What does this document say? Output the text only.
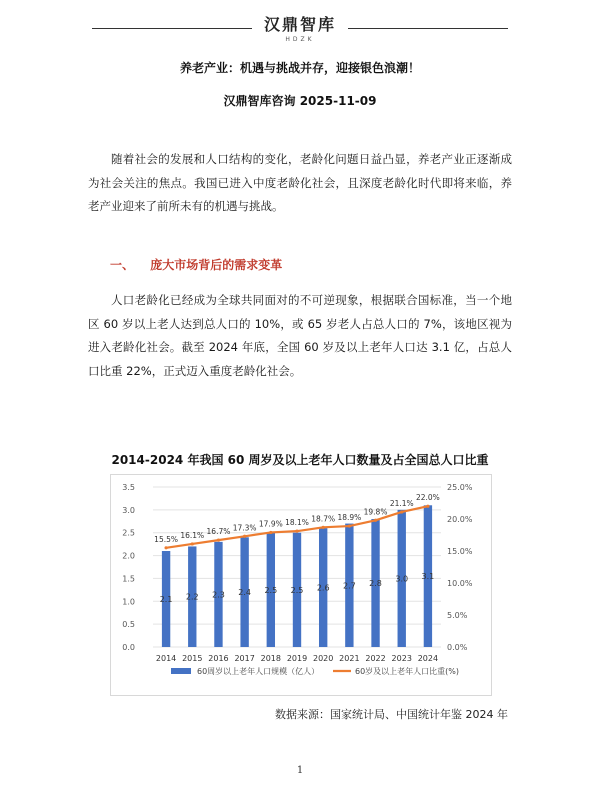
汉鼎智库
HDZK
养老产业：机遇与挑战并存，迎接银色浪潮！
汉鼎智库咨询 2025-11-09
随着社会的发展和人口结构的变化，老龄化问题日益凸显，养老产业正逐渐成为社会关注的焦点。我国已进入中度老龄化社会，且深度老龄化时代即将来临，养老产业迎来了前所未有的机遇与挑战。
一、 庞大市场背后的需求变革
人口老龄化已经成为全球共同面对的不可逆现象，根据联合国标准，当一个地区 60 岁以上老人达到总人口的 10%，或 65 岁老人占总人口的 7%，该地区视为进入老龄化社会。截至 2024 年底，全国 60 岁及以上老年人口达 3.1 亿，占总人口比重 22%，正式迈入重度老龄化社会。
2014-2024 年我国 60 周岁及以上老年人口数量及占全国总人口比重
0.0
0.5
1.0
1.5
2.0
2.5
3.0
3.5
0.0%
5.0%
10.0%
15.0%
20.0%
25.0%
2.1
2014
2.2
2015
2.3
2016
2.4
2017
2.5
2018
2.5
2019
2.6
2020
2.7
2021
2.8
2022
3.0
2023
3.1
2024
15.5% 16.1% 16.7% 17.3% 17.9% 18.1% 18.7% 18.9%
19.8%
21.1%
22.0%
60周岁以上老年人口规模（亿人）	60岁及以上老年人口比重(%)
数据来源：国家统计局、中国统计年鉴 2024 年
1
